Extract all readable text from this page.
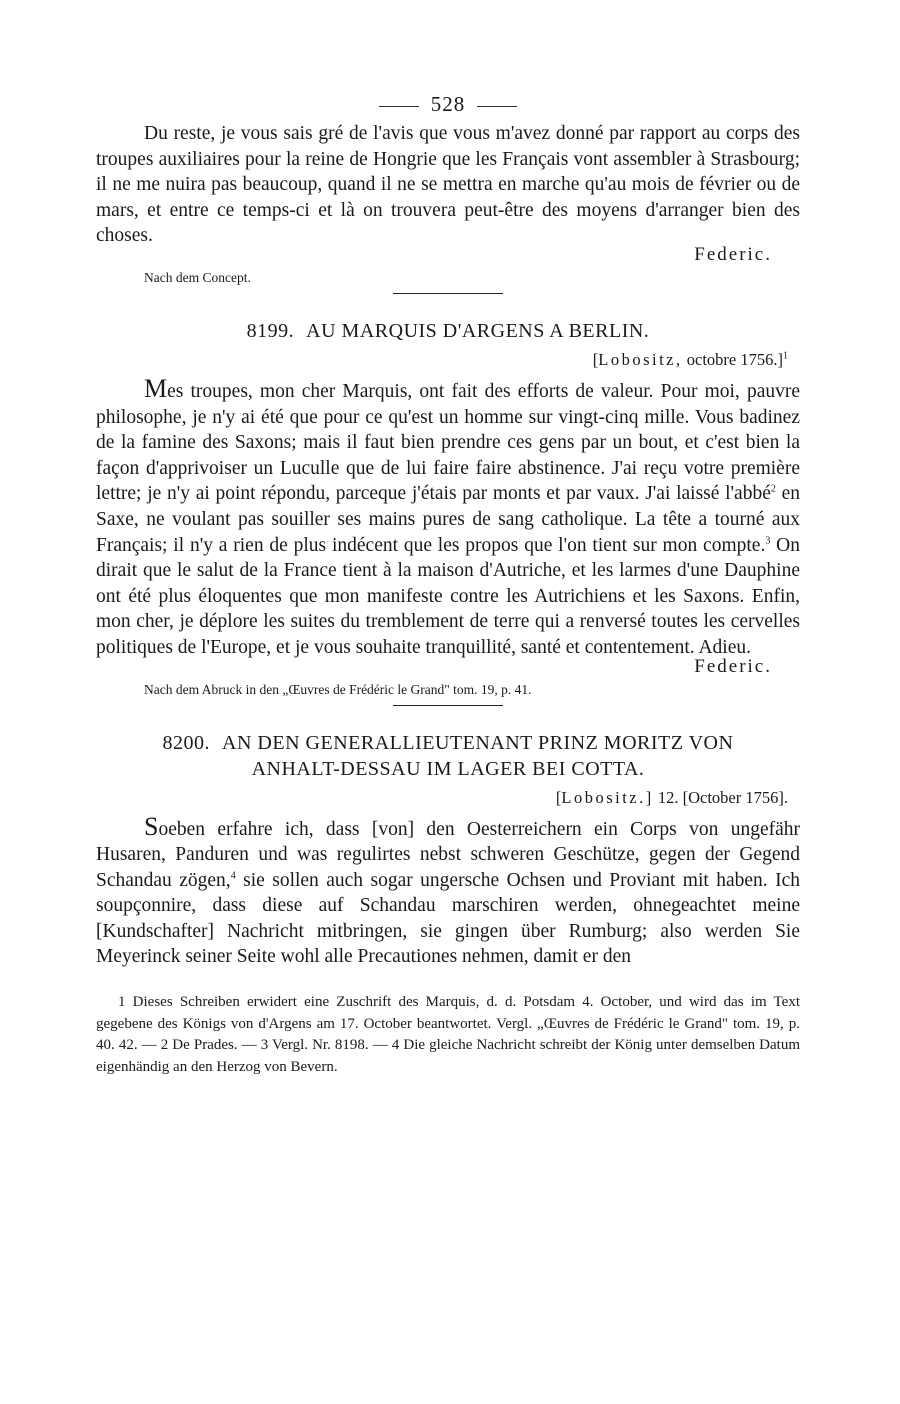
528

Du reste, je vous sais gré de l'avis que vous m'avez donné par rapport au corps des troupes auxiliaires pour la reine de Hongrie que les Français vont assembler à Strasbourg; il ne me nuira pas beaucoup, quand il ne se mettra en marche qu'au mois de février ou de mars, et entre ce temps-ci et là on trouvera peut-être des moyens d'arranger bien des choses.

Federic.
Nach dem Concept.
8199. AU MARQUIS D'ARGENS A BERLIN.
[Lobositz, octobre 1756.]$^1$

Mes troupes, mon cher Marquis, ont fait des efforts de valeur. Pour moi, pauvre philosophe, je n'y ai été que pour ce qu'est un homme sur vingt-cinq mille. Vous badinez de la famine des Saxons; mais il faut bien prendre ces gens par un bout, et c'est bien la façon d'apprivoiser un Luculle que de lui faire faire abstinence. J'ai reçu votre première lettre; je n'y ai point répondu, parceque j'étais par monts et par vaux. J'ai laissé l'abbé$^2$ en Saxe, ne voulant pas souiller ses mains pures de sang catholique. La tête a tourné aux Français; il n'y a rien de plus indécent que les propos que l'on tient sur mon compte.$^3$ On dirait que le salut de la France tient à la maison d'Autriche, et les larmes d'une Dauphine ont été plus éloquentes que mon manifeste contre les Autrichiens et les Saxons. Enfin, mon cher, je déplore les suites du tremblement de terre qui a renversé toutes les cervelles politiques de l'Europe, et je vous souhaite tranquillité, santé et contentement. Adieu.

Federic.
Nach dem Abruck in den „Œuvres de Frédéric le Grand" tom. 19, p. 41.
8200. AN DEN GENERALLIEUTENANT PRINZ MORITZ VON
ANHALT-DESSAU IM LAGER BEI COTTA.
[Lobositz.] 12. [October 1756].

Soeben erfahre ich, dass [von] den Oesterreichern ein Corps von ungefähr Husaren, Panduren und was regulirtes nebst schweren Geschütze, gegen der Gegend Schandau zögen,$^4$ sie sollen auch sogar ungersche Ochsen und Proviant mit haben. Ich soupçonnire, dass diese auf Schandau marschiren werden, ohnegeachtet meine [Kundschafter] Nachricht mitbringen, sie gingen über Rumburg; also werden Sie Meyerinck seiner Seite wohl alle Precautiones nehmen, damit er den

1 Dieses Schreiben erwidert eine Zuschrift des Marquis, d. d. Potsdam 4. October, und wird das im Text gegebene des Königs von d'Argens am 17. October beantwortet. Vergl. „Œuvres de Frédéric le Grand" tom. 19, p. 40. 42. — 2 De Prades. — 3 Vergl. Nr. 8198. — 4 Die gleiche Nachricht schreibt der König unter demselben Datum eigenhändig an den Herzog von Bevern.
